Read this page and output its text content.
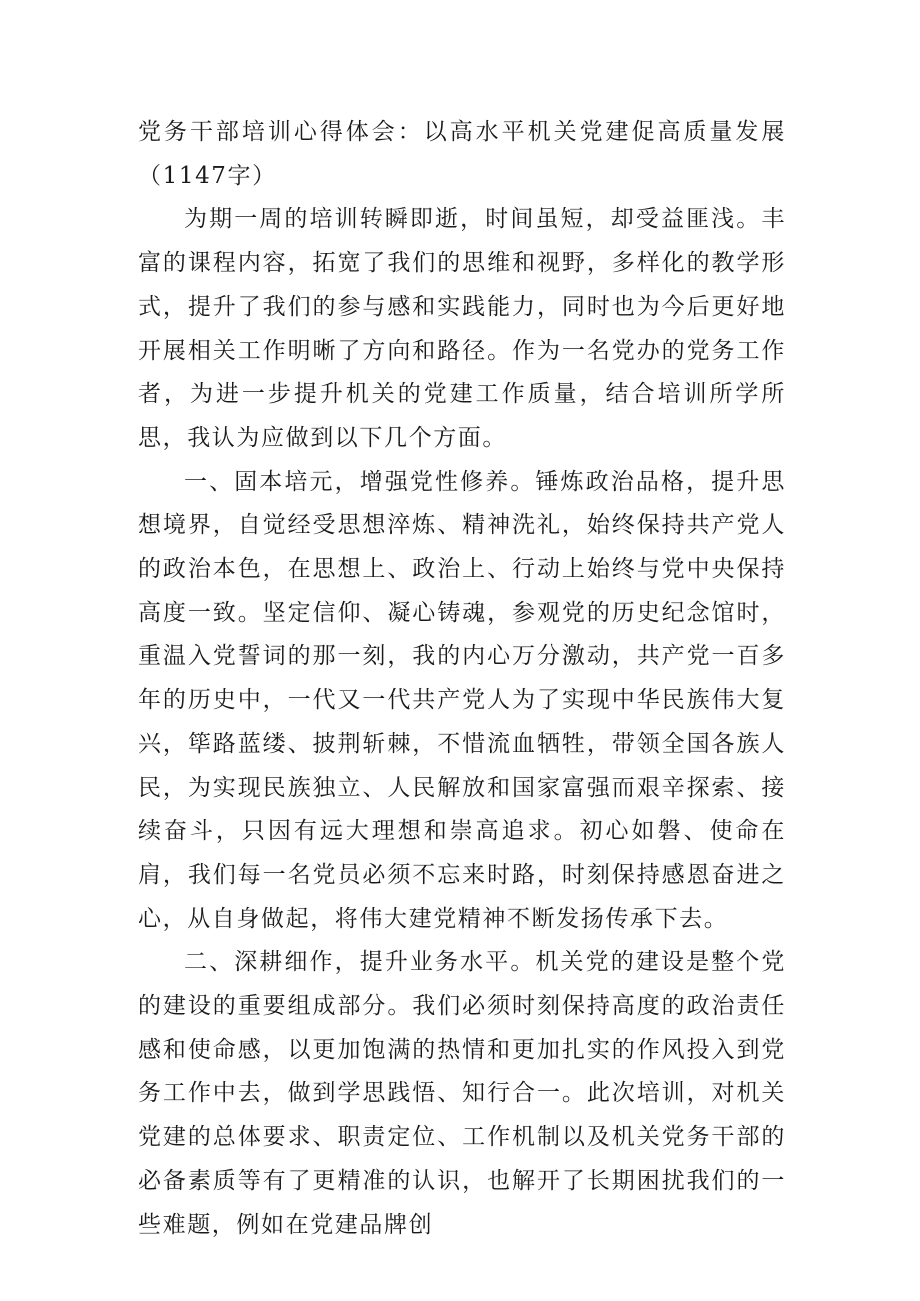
党务干部培训心得体会：以高水平机关党建促高质量发展（1147字）

为期一周的培训转瞬即逝，时间虽短，却受益匪浅。丰富的课程内容，拓宽了我们的思维和视野，多样化的教学形式，提升了我们的参与感和实践能力，同时也为今后更好地开展相关工作明晰了方向和路径。作为一名党办的党务工作者，为进一步提升机关的党建工作质量，结合培训所学所思，我认为应做到以下几个方面。

一、固本培元，增强党性修养。锤炼政治品格，提升思想境界，自觉经受思想淬炼、精神洗礼，始终保持共产党人的政治本色，在思想上、政治上、行动上始终与党中央保持高度一致。坚定信仰、凝心铸魂，参观党的历史纪念馆时，重温入党誓词的那一刻，我的内心万分激动，共产党一百多年的历史中，一代又一代共产党人为了实现中华民族伟大复兴，筚路蓝缕、披荆斩棘，不惜流血牺牲，带领全国各族人民，为实现民族独立、人民解放和国家富强而艰辛探索、接续奋斗，只因有远大理想和崇高追求。初心如磐、使命在肩，我们每一名党员必须不忘来时路，时刻保持感恩奋进之心，从自身做起，将伟大建党精神不断发扬传承下去。

二、深耕细作，提升业务水平。机关党的建设是整个党的建设的重要组成部分。我们必须时刻保持高度的政治责任感和使命感，以更加饱满的热情和更加扎实的作风投入到党务工作中去，做到学思践悟、知行合一。此次培训，对机关党建的总体要求、职责定位、工作机制以及机关党务干部的必备素质等有了更精准的认识，也解开了长期困扰我们的一些难题，例如在党建品牌创
